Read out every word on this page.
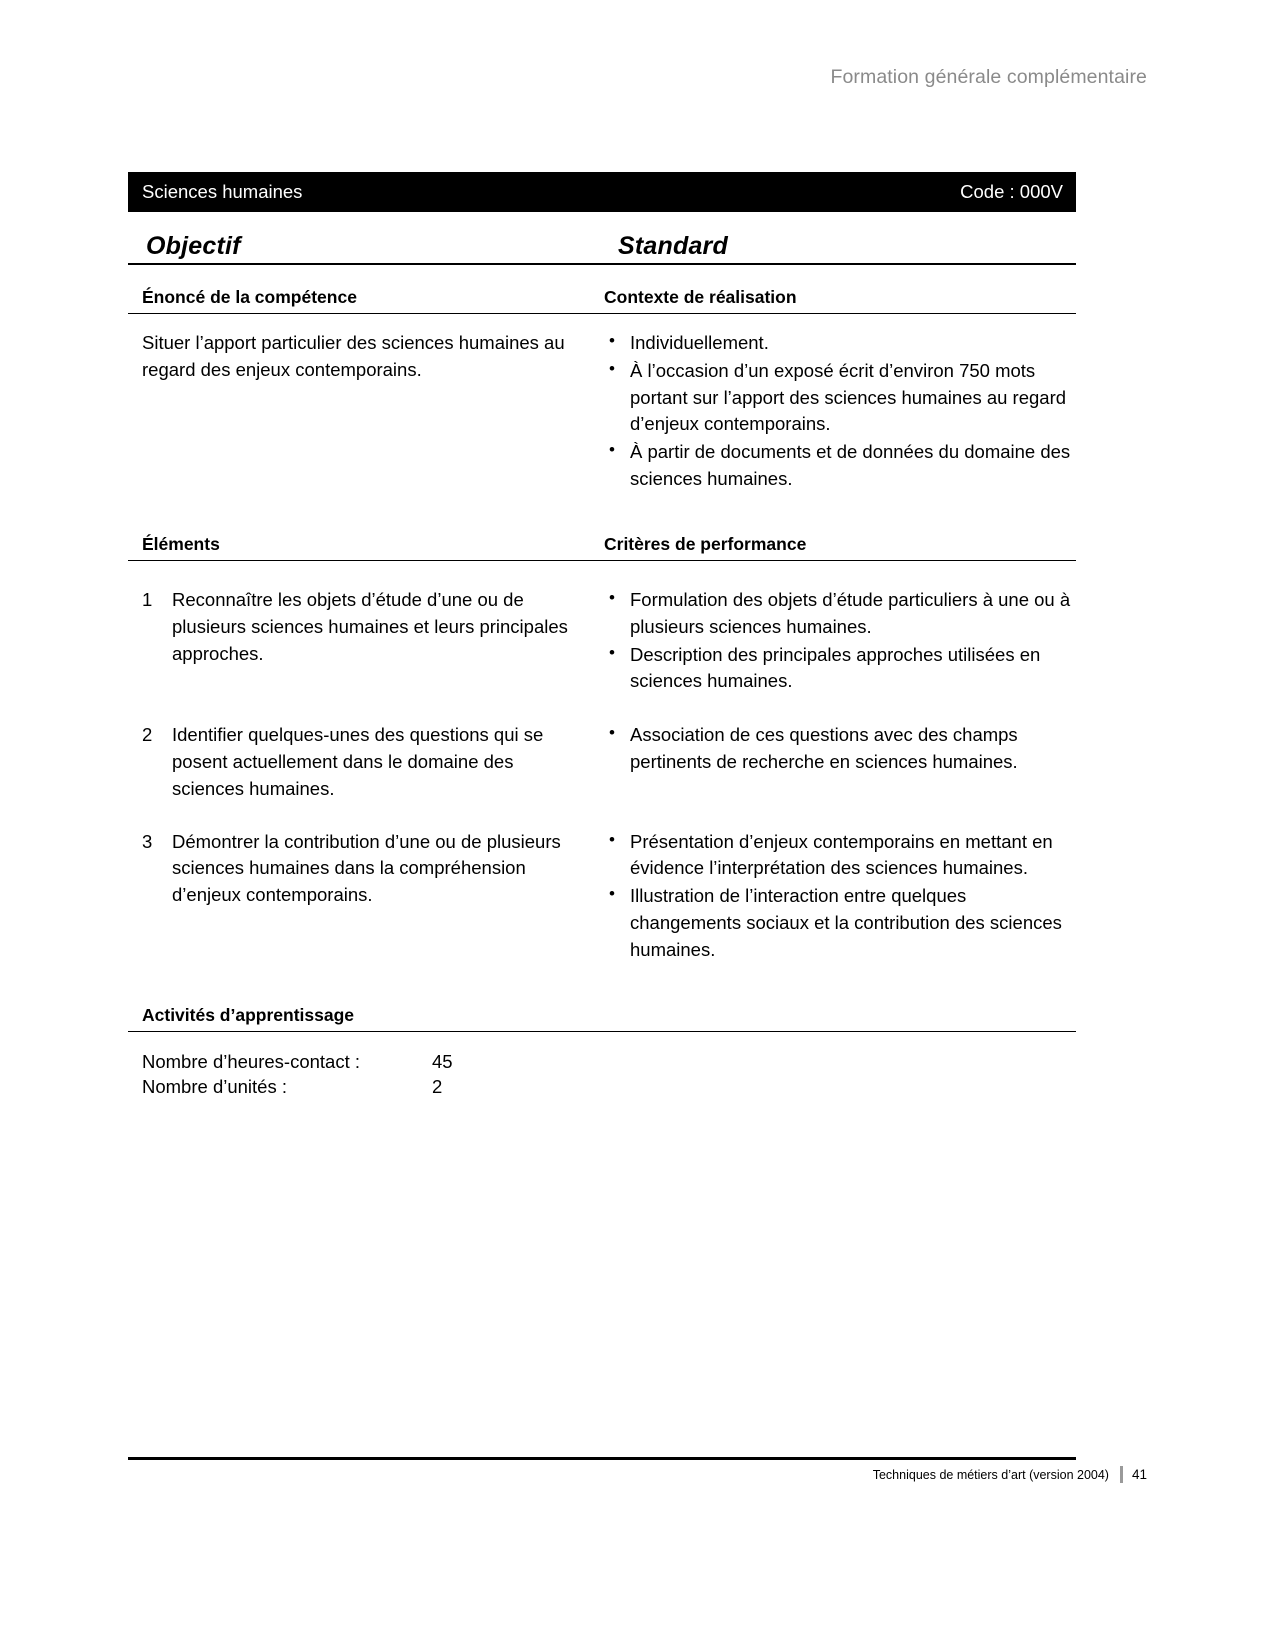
Formation générale complémentaire
Sciences humaines	Code : 000V
Objectif	Standard
Énoncé de la compétence	Contexte de réalisation
Situer l’apport particulier des sciences humaines au regard des enjeux contemporains.
• Individuellement.
• À l’occasion d’un exposé écrit d’environ 750 mots portant sur l’apport des sciences humaines au regard d’enjeux contemporains.
• À partir de documents et de données du domaine des sciences humaines.
Éléments	Critères de performance
1	Reconnaître les objets d’étude d’une ou de plusieurs sciences humaines et leurs principales approches.
• Formulation des objets d’étude particuliers à une ou à plusieurs sciences humaines.
• Description des principales approches utilisées en sciences humaines.
2	Identifier quelques-unes des questions qui se posent actuellement dans le domaine des sciences humaines.
• Association de ces questions avec des champs pertinents de recherche en sciences humaines.
3	Démontrer la contribution d’une ou de plusieurs sciences humaines dans la compréhension d’enjeux contemporains.
• Présentation d’enjeux contemporains en mettant en évidence l’interprétation des sciences humaines.
• Illustration de l’interaction entre quelques changements sociaux et la contribution des sciences humaines.
Activités d’apprentissage
Nombre d’heures-contact :	45
Nombre d’unités :	2
Techniques de métiers d’art (version 2004) 41
